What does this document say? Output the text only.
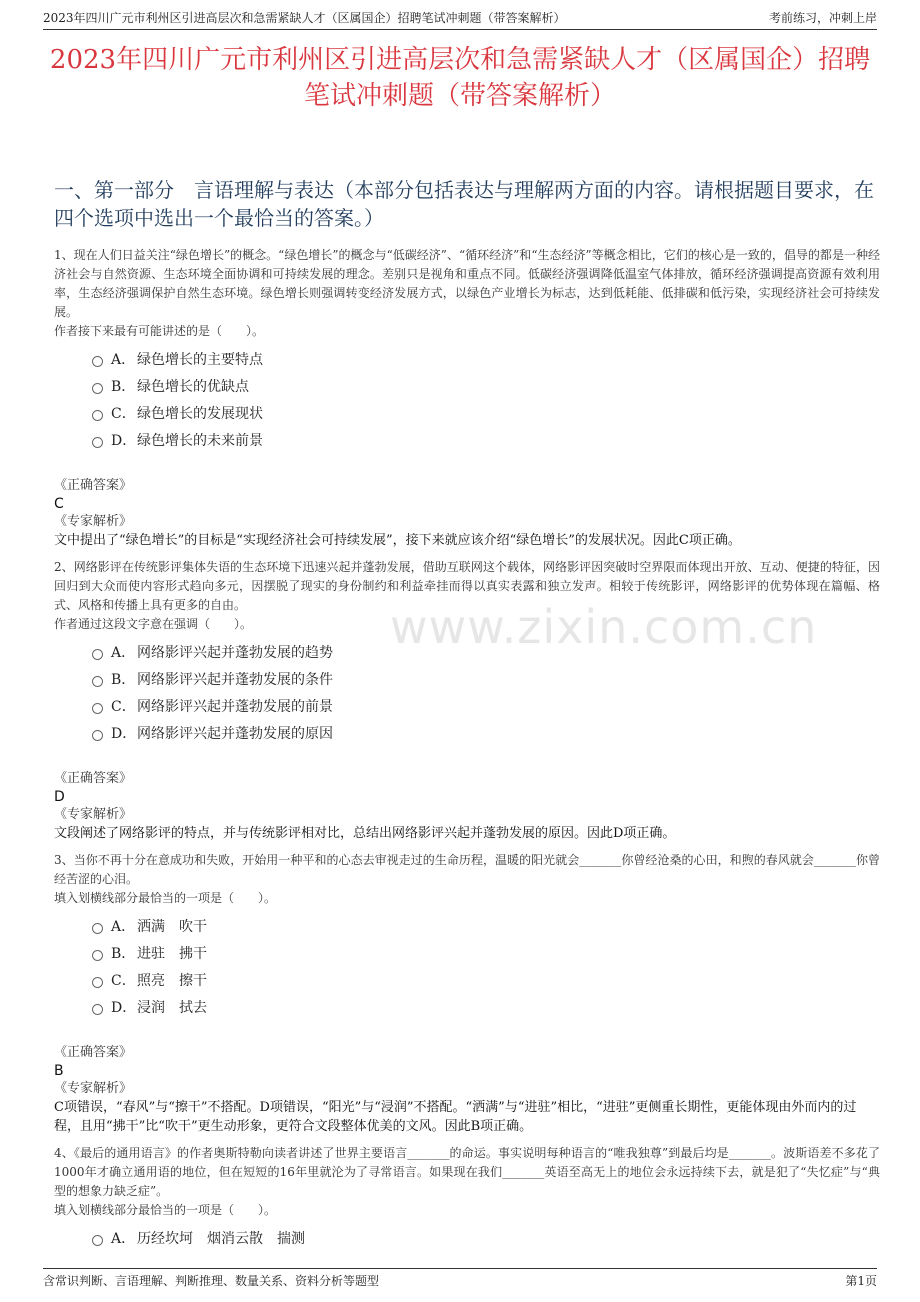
2023年四川广元市利州区引进高层次和急需紧缺人才（区属国企）招聘笔试冲刺题（带答案解析）	考前练习，冲刺上岸
2023年四川广元市利州区引进高层次和急需紧缺人才（区属国企）招聘笔试冲刺题（带答案解析）
一、第一部分　言语理解与表达（本部分包括表达与理解两方面的内容。请根据题目要求，在四个选项中选出一个最恰当的答案。）
www.zixin.com.cn
1、现在人们日益关注“绿色增长”的概念。“绿色增长”的概念与“低碳经济”、“循环经济”和“生态经济”等概念相比，它们的核心是一致的，倡导的都是一种经济社会与自然资源、生态环境全面协调和可持续发展的理念。差别只是视角和重点不同。低碳经济强调降低温室气体排放，循环经济强调提高资源有效利用率，生态经济强调保护自然生态环境。绿色增长则强调转变经济发展方式，以绿色产业增长为标志，达到低耗能、低排碳和低污染，实现经济社会可持续发展。
作者接下来最有可能讲述的是（　　）。
A． 绿色增长的主要特点
B． 绿色增长的优缺点
C． 绿色增长的发展现状
D． 绿色增长的未来前景
《正确答案》
C
《专家解析》
文中提出了“绿色增长”的目标是“实现经济社会可持续发展”，接下来就应该介绍“绿色增长”的发展状况。因此C项正确。
2、网络影评在传统影评集体失语的生态环境下迅速兴起并蓬勃发展，借助互联网这个载体，网络影评因突破时空界限而体现出开放、互动、便捷的特征，因回归到大众而使内容形式趋向多元，因摆脱了现实的身份制约和利益牵挂而得以真实表露和独立发声。相较于传统影评，网络影评的优势体现在篇幅、格式、风格和传播上具有更多的自由。
作者通过这段文字意在强调（　　）。
A． 网络影评兴起并蓬勃发展的趋势
B． 网络影评兴起并蓬勃发展的条件
C． 网络影评兴起并蓬勃发展的前景
D． 网络影评兴起并蓬勃发展的原因
《正确答案》
D
《专家解析》
文段阐述了网络影评的特点，并与传统影评相对比，总结出网络影评兴起并蓬勃发展的原因。因此D项正确。
3、当你不再十分在意成功和失败，开始用一种平和的心态去审视走过的生命历程，温暖的阳光就会_______你曾经沧桑的心田，和煦的春风就会_______你曾经苦涩的心泪。
填入划横线部分最恰当的一项是（　　）。
A． 洒满　吹干
B． 进驻　拂干
C． 照亮　擦干
D． 浸润　拭去
《正确答案》
B
《专家解析》
C项错误，“春风”与“擦干”不搭配。D项错误，“阳光”与“浸润”不搭配。“洒满”与“进驻”相比，“进驻”更侧重长期性，更能体现由外而内的过程，且用“拂干”比“吹干”更生动形象，更符合文段整体优美的文风。因此B项正确。
4、《最后的通用语言》的作者奥斯特勒向读者讲述了世界主要语言_______的命运。事实说明每种语言的“唯我独尊”到最后均是_______。波斯语差不多花了1000年才确立通用语的地位，但在短短的16年里就沦为了寻常语言。如果现在我们_______英语至高无上的地位会永远持续下去，就是犯了“失忆症”与“典型的想象力缺乏症”。
填入划横线部分最恰当的一项是（　　）。
A． 历经坎坷　烟消云散　揣测
含常识判断、言语理解、判断推理、数量关系、资料分析等题型	第1页
